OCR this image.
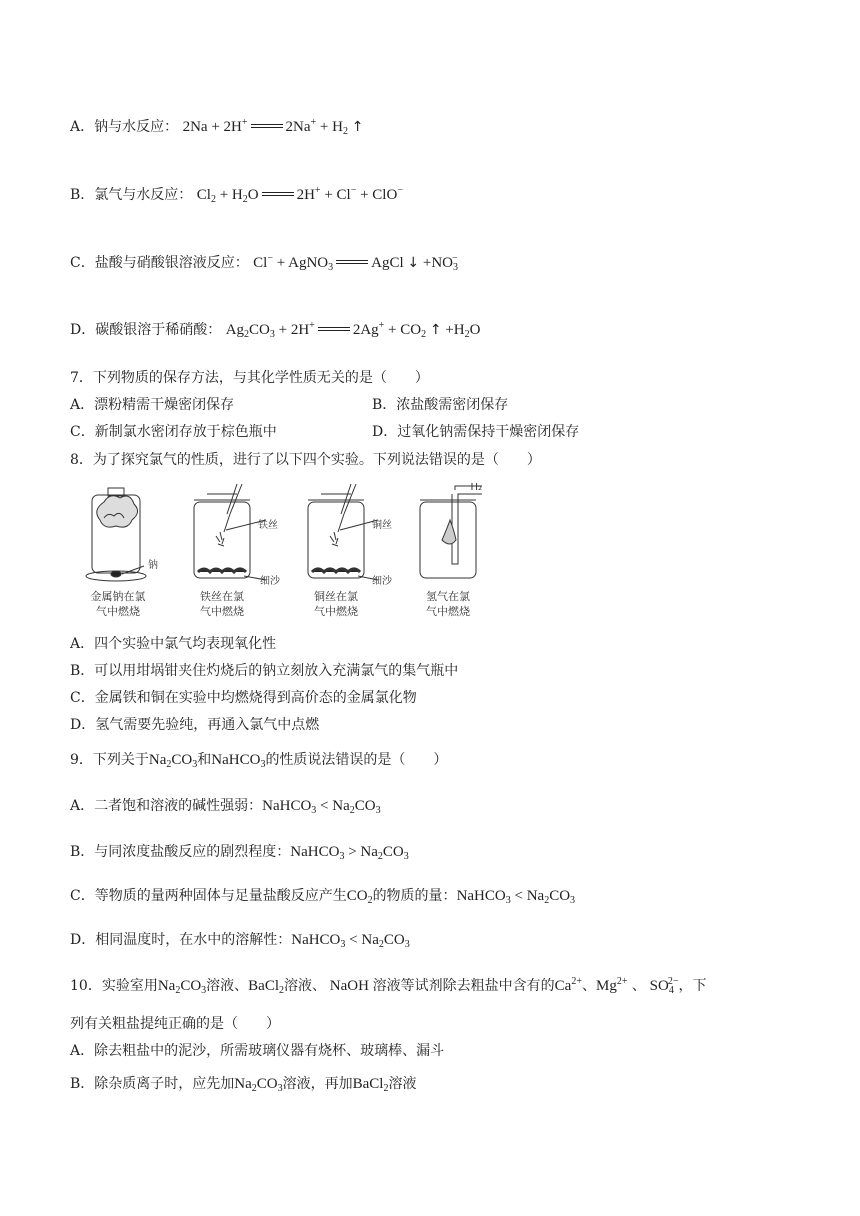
A．钠与水反应： 2Na + 2H+	$2Na^+ + H_2$ ↑
B．氯气与水反应： $Cl_2 + H_2O$	2H+ + Cl− + ClO−
C．盐酸与硝酸银溶液反应： Cl− + AgNO$_3$	AgCl ↓ $+NO_3^-$
D．碳酸银溶于稀硝酸： $Ag_2CO_3 + 2H^+$	$2Ag^+ + CO_2$ ↑ $+H_2O$
7．下列物质的保存方法，与其化学性质无关的是（　　）
A．漂粉精需干燥密闭保存	B．浓盐酸需密闭保存
C．新制氯水密闭存放于棕色瓶中	D．过氧化钠需保持干燥密闭保存
8．为了探究氯气的性质，进行了以下四个实验。下列说法错误的是（　　）
钠
铁丝
细沙
铜丝
细沙
H₂
金属钠在氯
气中燃烧
铁丝在氯
气中燃烧
铜丝在氯
气中燃烧
氢气在氯
气中燃烧
A．四个实验中氯气均表现氧化性
B．可以用坩埚钳夹住灼烧后的钠立刻放入充满氯气的集气瓶中
C．金属铁和铜在实验中均燃烧得到高价态的金属氯化物
D．氢气需要先验纯，再通入氯气中点燃
9．下列关于$Na_2CO_3$和NaHCO$_3$的性质说法错误的是（　　）
A．二者饱和溶液的碱性强弱：NaHCO$_3$ < $Na_2CO_3$
B．与同浓度盐酸反应的剧烈程度：NaHCO$_3$ > $Na_2CO_3$
C．等物质的量两种固体与足量盐酸反应产生$CO_2$的物质的量：NaHCO$_3$ < $Na_2CO_3$
D．相同温度时，在水中的溶解性：NaHCO$_3$ < $Na_2CO_3$
10．实验室用$Na_2CO_3$溶液、BaCl$_2$溶液、 NaOH 溶液等试剂除去粗盐中含有的$Ca^{2+}$、$Mg^{2+}$ 、 $SO_4^{2-}$，下
列有关粗盐提纯正确的是（　　）
A．除去粗盐中的泥沙，所需玻璃仪器有烧杯、玻璃棒、漏斗
B．除杂质离子时，应先加$Na_2CO_3$溶液，再加BaCl$_2$溶液
